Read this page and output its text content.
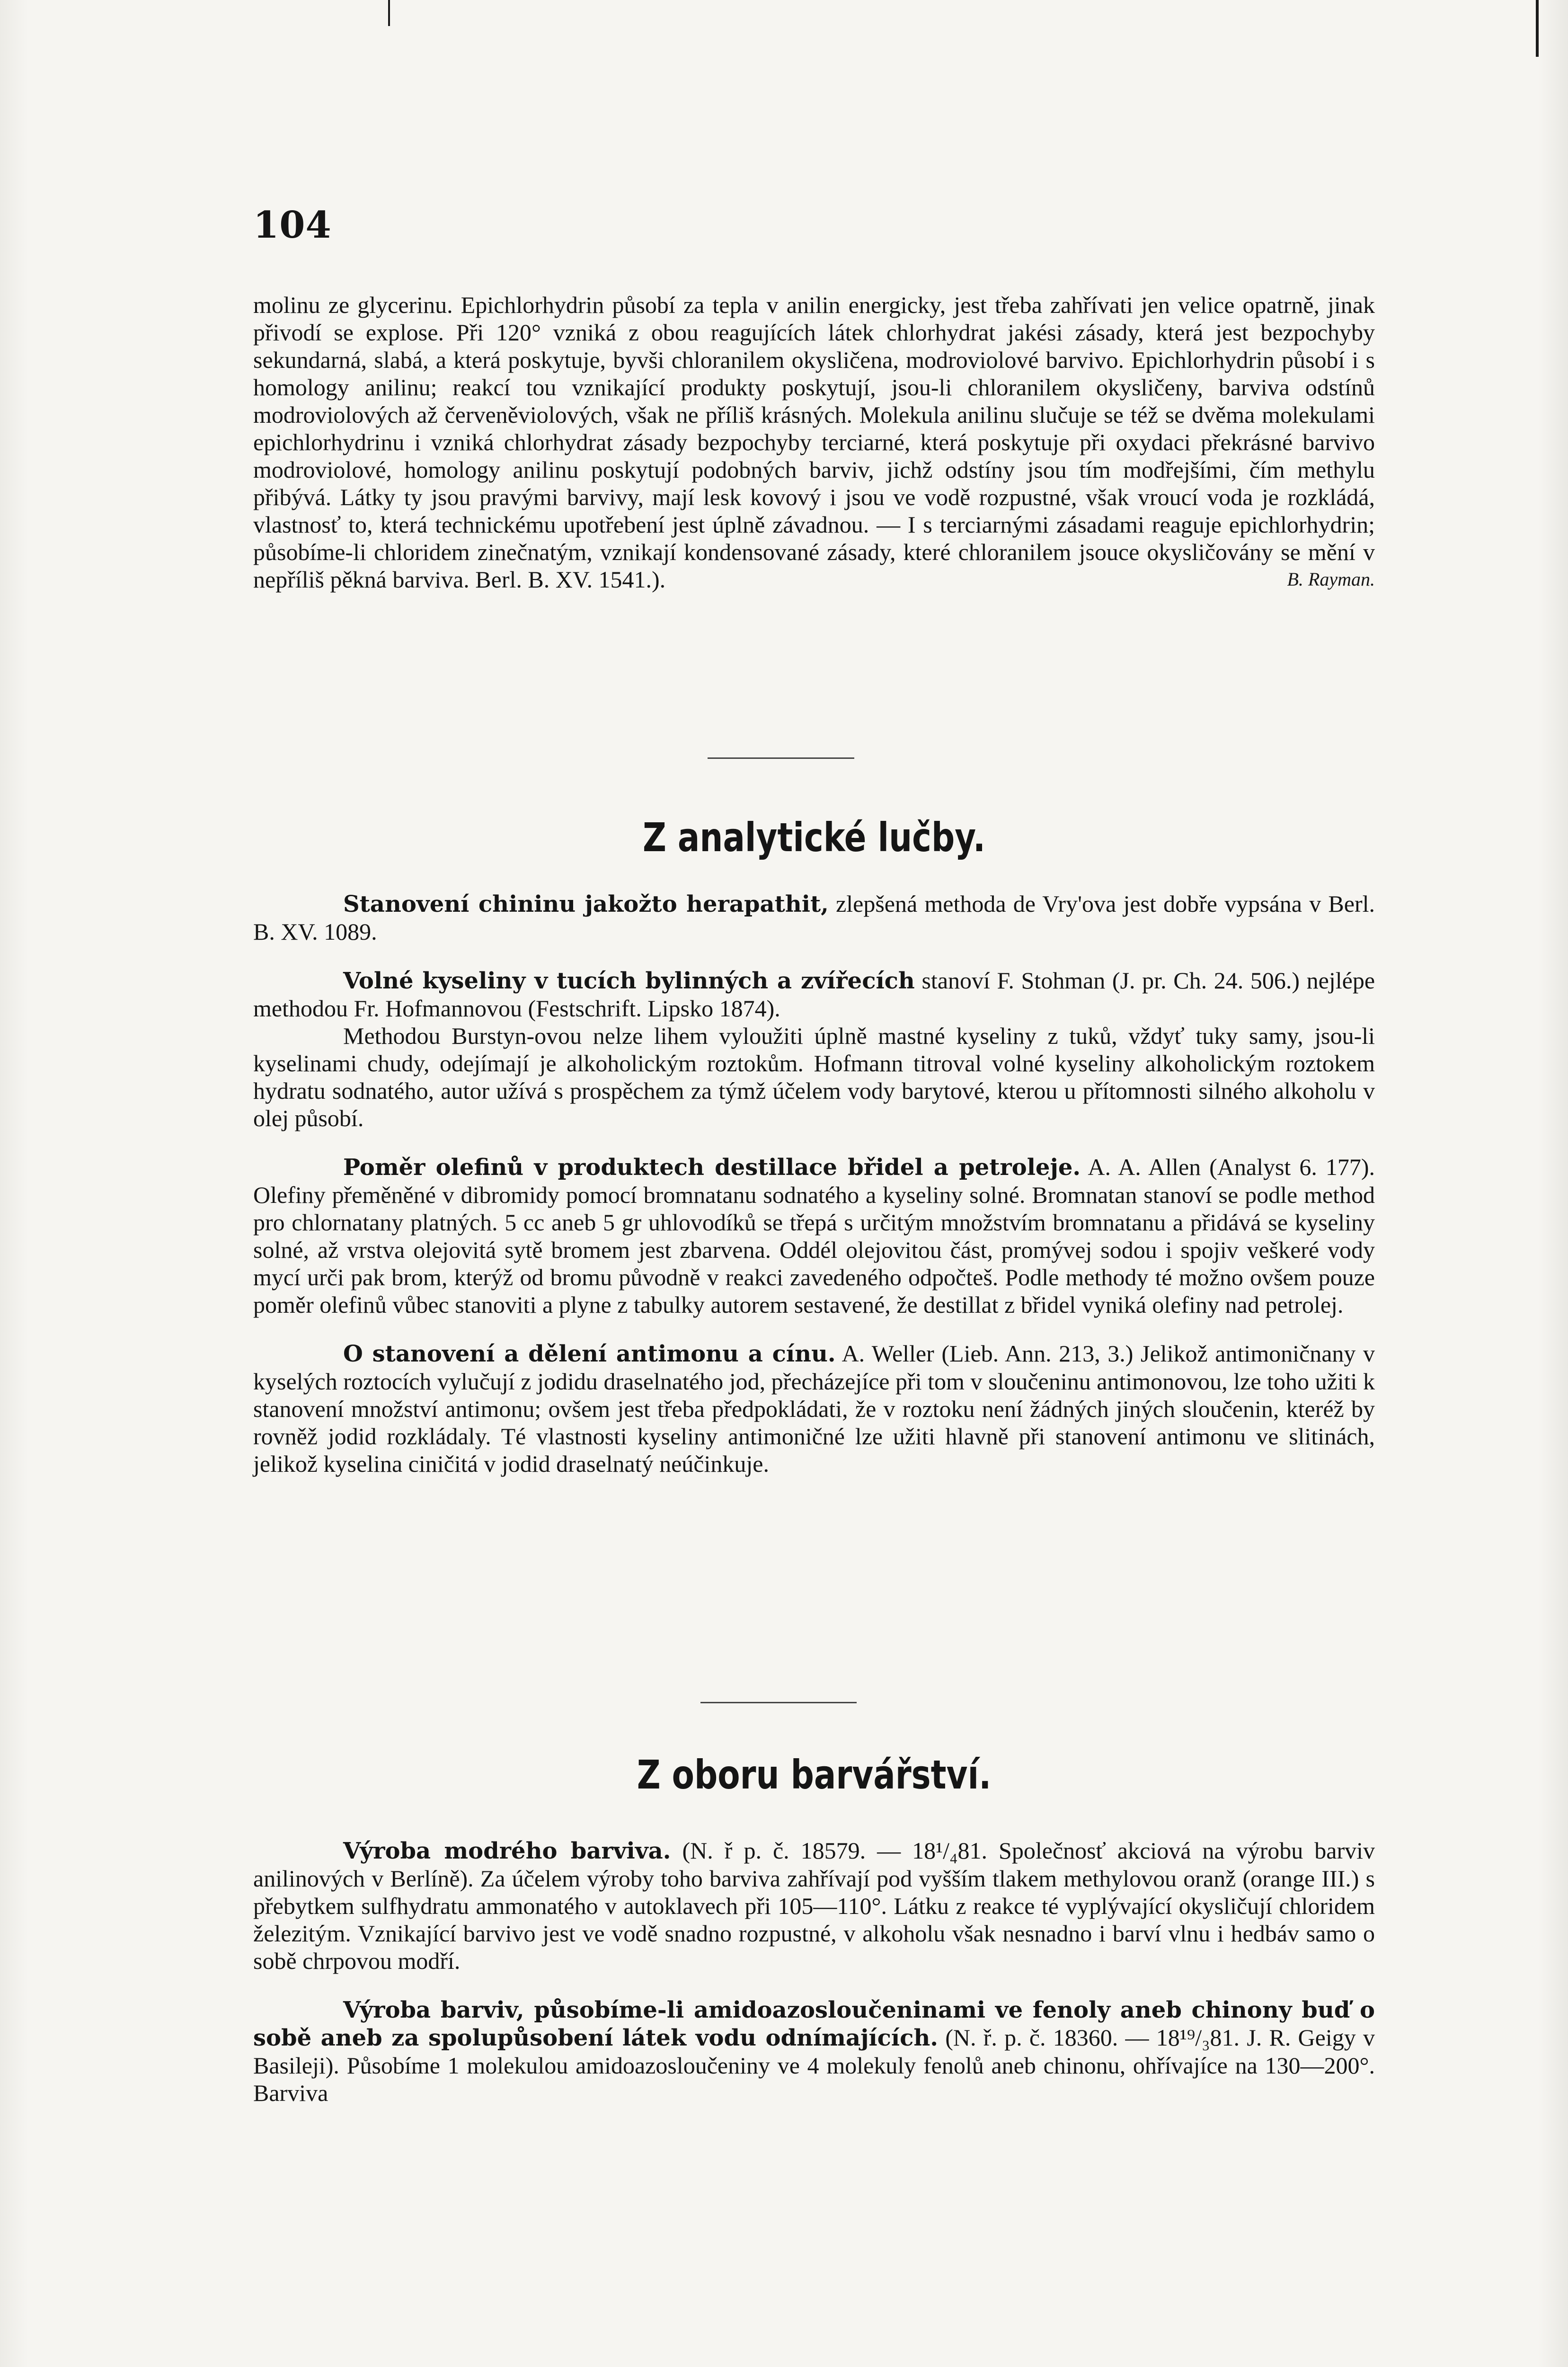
104

molinu ze glycerinu. Epichlorhydrin působí za tepla v anilin energicky, jest třeba zahřívati jen velice opatrně, jinak přivodí se explose. Při 120° vzniká z obou reagujících látek chlorhydrat jakési zásady, která jest bezpochyby sekundarná, slabá, a která poskytuje, byvši chloranilem okysličena, modroviolové barvivo. Epichlorhydrin působí i s homology anilinu; reakcí tou vznikající produkty poskytují, jsou-li chloranilem okysličeny, barviva odstínů modroviolových až červeněviolových, však ne příliš krásných. Molekula anilinu slučuje se též se dvěma molekulami epichlorhydrinu i vzniká chlorhydrat zásady bezpochyby terciarné, která poskytuje při oxydaci překrásné barvivo modroviolové, homology anilinu poskytují podobných barviv, jichž odstíny jsou tím modřejšími, čím methylu přibývá. Látky ty jsou pravými barvivy, mají lesk kovový i jsou ve vodě rozpustné, však vroucí voda je rozkládá, vlastnosť to, která technickému upotřebení jest úplně závadnou. — I s terciarnými zásadami reaguje epichlorhydrin; působíme-li chloridem zinečnatým, vznikají kondensované zásady, které chloranilem jsouce okysličovány se mění v nepříliš pěkná barviva. Berl. B. XV. 1541.).	B. Rayman.
Z analytické lučby.

Stanovení chininu jakožto herapathit, zlepšená methoda de Vry'ova jest dobře vypsána v Berl. B. XV. 1089.

Volné kyseliny v tucích bylinných a zvířecích stanoví F. Stohman (J. pr. Ch. 24. 506.) nejlépe methodou Fr. Hofmannovou (Festschrift. Lipsko 1874).

Methodou Burstyn-ovou nelze lihem vyloužiti úplně mastné kyseliny z tuků, vždyť tuky samy, jsou-li kyselinami chudy, odejímají je alkoholickým roztokům. Hofmann titroval volné kyseliny alkoholickým roztokem hydratu sodnatého, autor užívá s prospěchem za týmž účelem vody barytové, kterou u přítomnosti silného alkoholu v olej působí.

Poměr olefinů v produktech destillace břidel a petroleje. A. A. Allen (Analyst 6. 177). Olefiny přeměněné v dibromidy pomocí bromnatanu sodnatého a kyseliny solné. Bromnatan stanoví se podle method pro chlornatany platných. 5 cc aneb 5 gr uhlovodíků se třepá s určitým množstvím bromnatanu a přidává se kyseliny solné, až vrstva olejovitá sytě bromem jest zbarvena. Oddél olejovitou část, promývej sodou i spojiv veškeré vody mycí urči pak brom, kterýž od bromu původně v reakci zavedeného odpočteš. Podle methody té možno ovšem pouze poměr olefinů vůbec stanoviti a plyne z tabulky autorem sestavené, že destillat z břidel vyniká olefiny nad petrolej.

O stanovení a dělení antimonu a cínu. A. Weller (Lieb. Ann. 213, 3.) Jelikož antimoničnany v kyselých roztocích vylučují z jodidu draselnatého jod, přecházejíce při tom v sloučeninu antimonovou, lze toho užiti k stanovení množství antimonu; ovšem jest třeba předpokládati, že v roztoku není žádných jiných sloučenin, kteréž by rovněž jodid rozkládaly. Té vlastnosti kyseliny antimoničné lze užiti hlavně při stanovení antimonu ve slitinách, jelikož kyselina ciničitá v jodid draselnatý neúčinkuje.

Z oboru barvářství.

Výroba modrého barviva. (N. ř p. č. 18579. — 18¹/₄81. Společnosť akciová na výrobu barviv anilinových v Berlíně). Za účelem výroby toho barviva zahřívají pod vyšším tlakem methylovou oranž (orange III.) s přebytkem sulfhydratu ammonatého v autoklavech při 105—110°. Látku z reakce té vyplývající okysličují chloridem železitým. Vznikající barvivo jest ve vodě snadno rozpustné, v alkoholu však nesnadno i barví vlnu i hedbáv samo o sobě chrpovou modří.

Výroba barviv, působíme-li amidoazosloučeninami ve fenoly aneb chinony buď o sobě aneb za spolupůsobení látek vodu odnímajících. (N. ř. p. č. 18360. — 18¹⁹/₃81. J. R. Geigy v Basileji). Působíme 1 molekulou amidoazosloučeniny ve 4 molekuly fenolů aneb chinonu, ohřívajíce na 130—200°. Barviva
